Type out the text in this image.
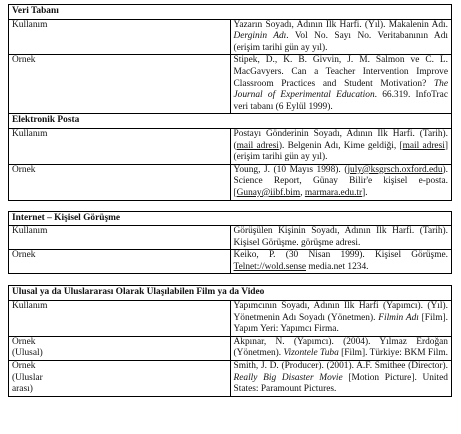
Veri Tabanı	
Kullanım	Yazarın Soyadı, Adının İlk Harfi. (Yıl). Makalenin Adı. Derginin Adı. Vol No. Sayı No. Veritabanının Adı (erişim tarihi gün ay yıl).
Örnek	Stipek, D., K. B. Givvin, J. M. Salmon ve C. L. MacGavyers. Can a Teacher Intervention Improve Classroom Practices and Student Motivation? The Journal of Experimental Education. 66.319. InfoTrac veri tabanı (6 Eylül 1999).
Elektronik Posta	
Kullanım	Postayı Gönderinin Soyadı, Adının İlk Harfi. (Tarih). (mail adresi). Belgenin Adı, Kime geldiği, [mail adresi] (erişim tarihi gün ay yıl).
Örnek	Young, J. (10 Mayıs 1998). (july@ksgrsch.oxford.edu). Science Report, Günay Bilir'e kişisel e-posta. [Gunay@iibf.bim, marmara.edu.tr].
Internet – Kişisel Görüşme	
Kullanım	Görüşülen Kişinin Soyadı, Adının İlk Harfi. (Tarih). Kişisel Görüşme. görüşme adresi.
Örnek	Keiko, P. (30 Nisan 1999). Kişisel Görüşme. Telnet://wold.sense media.net 1234.
Ulusal ya da Uluslararası Olarak Ulaşılabilen Film ya da Video	
Kullanım	Yapımcının Soyadı, Adının İlk Harfi (Yapımcı). (Yıl). Yönetmenin Adı Soyadı (Yönetmen). Filmin Adı [Film]. Yapım Yeri: Yapımcı Firma.

Örnek
(Ulusal)	Akpınar, N. (Yapımcı). (2004). Yılmaz Erdoğan (Yönetmen). Vizontele Tuba [Film]. Türkiye: BKM Film.

Örnek
(Uluslar
arası)	Smith, J. D. (Producer). (2001). A.F. Smithee (Director). Really Big Disaster Movie [Motion Picture]. United States: Paramount Pictures.
